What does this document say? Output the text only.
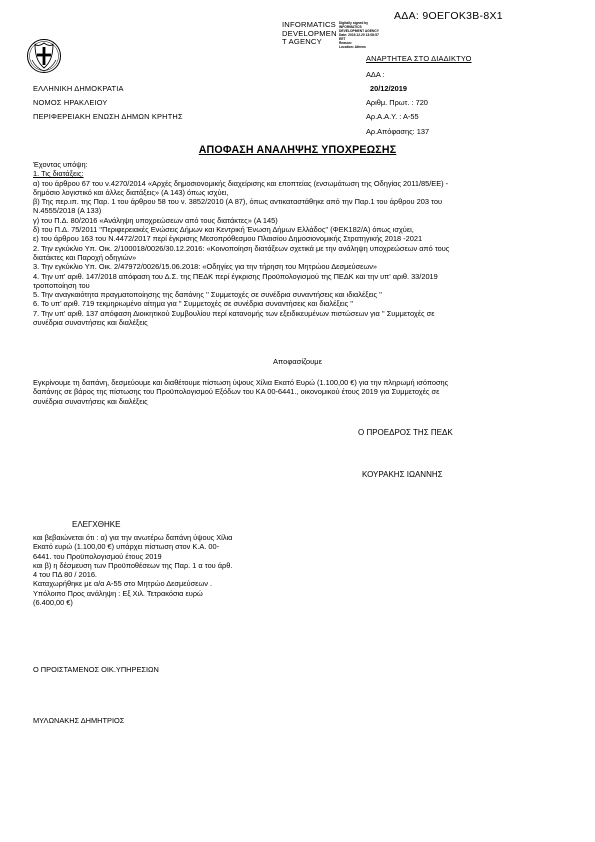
ΑΔΑ: 9ΟΕΓΟΚ3Β-8Χ1
INFORMATICS
DEVELOPMEN
T AGENCY
Digitally signed by
INFORMATICS
DEVELOPMENT AGENCY
Date: 2019.12.20 13:08:57
EET
Reason:
Location: Athens
ΑΝΑΡΤΗΤΕΑ ΣΤΟ ΔΙΑΔΙΚΤΥΟ
ΑΔΑ :
20/12/2019
Αριθμ. Πρωτ. : 720
Αρ.Α.Α.Υ. : Α-55
Αρ.Απόφασης: 137
ΕΛΛΗΝΙΚΗ ΔΗΜΟΚΡΑΤΙΑ
ΝΟΜΟΣ ΗΡΑΚΛΕΙΟΥ
ΠΕΡΙΦΕΡΕΙΑΚΗ ΕΝΩΣΗ ΔΗΜΩΝ ΚΡΗΤΗΣ
ΑΠΟΦΑΣΗ ΑΝΑΛΗΨΗΣ ΥΠΟΧΡΕΩΣΗΣ
Έχοντας υπόψη:
1. Τις διατάξεις:
α) του άρθρου 67 του ν.4270/2014 «Αρχές δημοσιονομικής διαχείρισης και εποπτείας (ενσωμάτωση της Οδηγίας 2011/85/ΕΕ) -
δημόσιο λογιστικό και άλλες διατάξεις» (Α 143) όπως ισχύει,
β) Της περ.ιπ. της Παρ. 1 του άρθρου 58 του ν. 3852/2010 (Α 87), όπως αντικαταστάθηκε από την Παρ.1 του άρθρου 203 του
Ν.4555/2018 (Α 133)
γ) του Π.Δ. 80/2016 «Ανάληψη υποχρεώσεων από τους διατάκτες» (Α 145)
δ) του Π.Δ. 75/2011 ''Περιφερειακές Ενώσεις Δήμων και Κεντρική Ένωση Δήμων Ελλάδος'' (ΦΕΚ182/Α) όπως ισχύει,
ε) του άρθρου 163 του Ν.4472/2017 περί έγκρισης Μεσοπρόθεσμου Πλαισίου Δημοσιονομικής Στρατηγικής 2018 -2021
2. Την εγκύκλιο Υπ. Οικ. 2/100018/0026/30.12.2016: «Κοινοποίηση διατάξεων σχετικά με την ανάληψη υποχρεώσεων από τους
διατάκτες και Παροχή οδηγιών»
3. Την εγκύκλιο Υπ. Οικ. 2/47972/0026/15.06.2018: «Οδηγίες για την τήρηση του Μητρώου Δεσμεύσεων»
4. Την υπ' αριθ. 147/2018 απόφαση του Δ.Σ. της ΠΕΔΚ περί έγκρισης Προϋπολογισμού της ΠΕΔΚ και την υπ' αριθ. 33/2019
τροποποίηση του
5. Την αναγκαιότητα πραγματοποίησης της δαπάνης '' Συμμετοχές σε συνέδρια συναντήσεις και ιδιαλέξεις ''
6. Το υπ' αριθ. 719 τεκμηριωμένο αίτημα για '' Συμμετοχές σε συνέδρια συναντήσεις και διαλέξεις ''
7. Την υπ' αριθ. 137 απόφαση Διοικητικού Συμβουλίου περί κατανομής των εξειδικευμένων πιστώσεων για '' Συμμετοχές σε
συνέδρια συναντήσεις και διαλέξεις
Αποφασίζουμε
Εγκρίνουμε τη δαπάνη, δεσμεύουμε και διαθέτουμε πίστωση ύψους Χίλια Εκατό Ευρώ (1.100,00 €) για την πληρωμή ισόποσης
δαπάνης σε βάρος της πίστωσης του Προϋπολογισμού Εξόδων του ΚΑ 00-6441., οικονομικού έτους 2019 για Συμμετοχές σε
συνέδρια συναντήσεις και διαλέξεις
Ο ΠΡΟΕΔΡΟΣ ΤΗΣ ΠΕΔΚ
ΚΟΥΡΑΚΗΣ ΙΩΑΝΝΗΣ
ΕΛΕΓΧΘΗΚΕ
και βεβαιώνεται ότι : α) για την ανωτέρω δαπάνη ύψους Χίλια
Εκατό ευρώ (1.100,00 €) υπάρχει πίστωση στον Κ.Α. 00-
6441. του Προϋπολογισμού έτους 2019
και β) η δέσμευση των Προϋποθέσεων της Παρ. 1 α του άρθ.
4 του ΠΔ 80 / 2016.
Καταχωρήθηκε με α/α Α-55 στο Μητρώο Δεσμεύσεων .
Υπόλοιπο Προς ανάληψη : Εξ Χιλ. Τετρακόσια ευρώ
(6.400,00 €)
Ο ΠΡΟΙΣΤΑΜΕΝΟΣ ΟΙΚ.ΥΠΗΡΕΣΙΩΝ
ΜΥΛΩΝΑΚΗΣ ΔΗΜΗΤΡΙΟΣ
